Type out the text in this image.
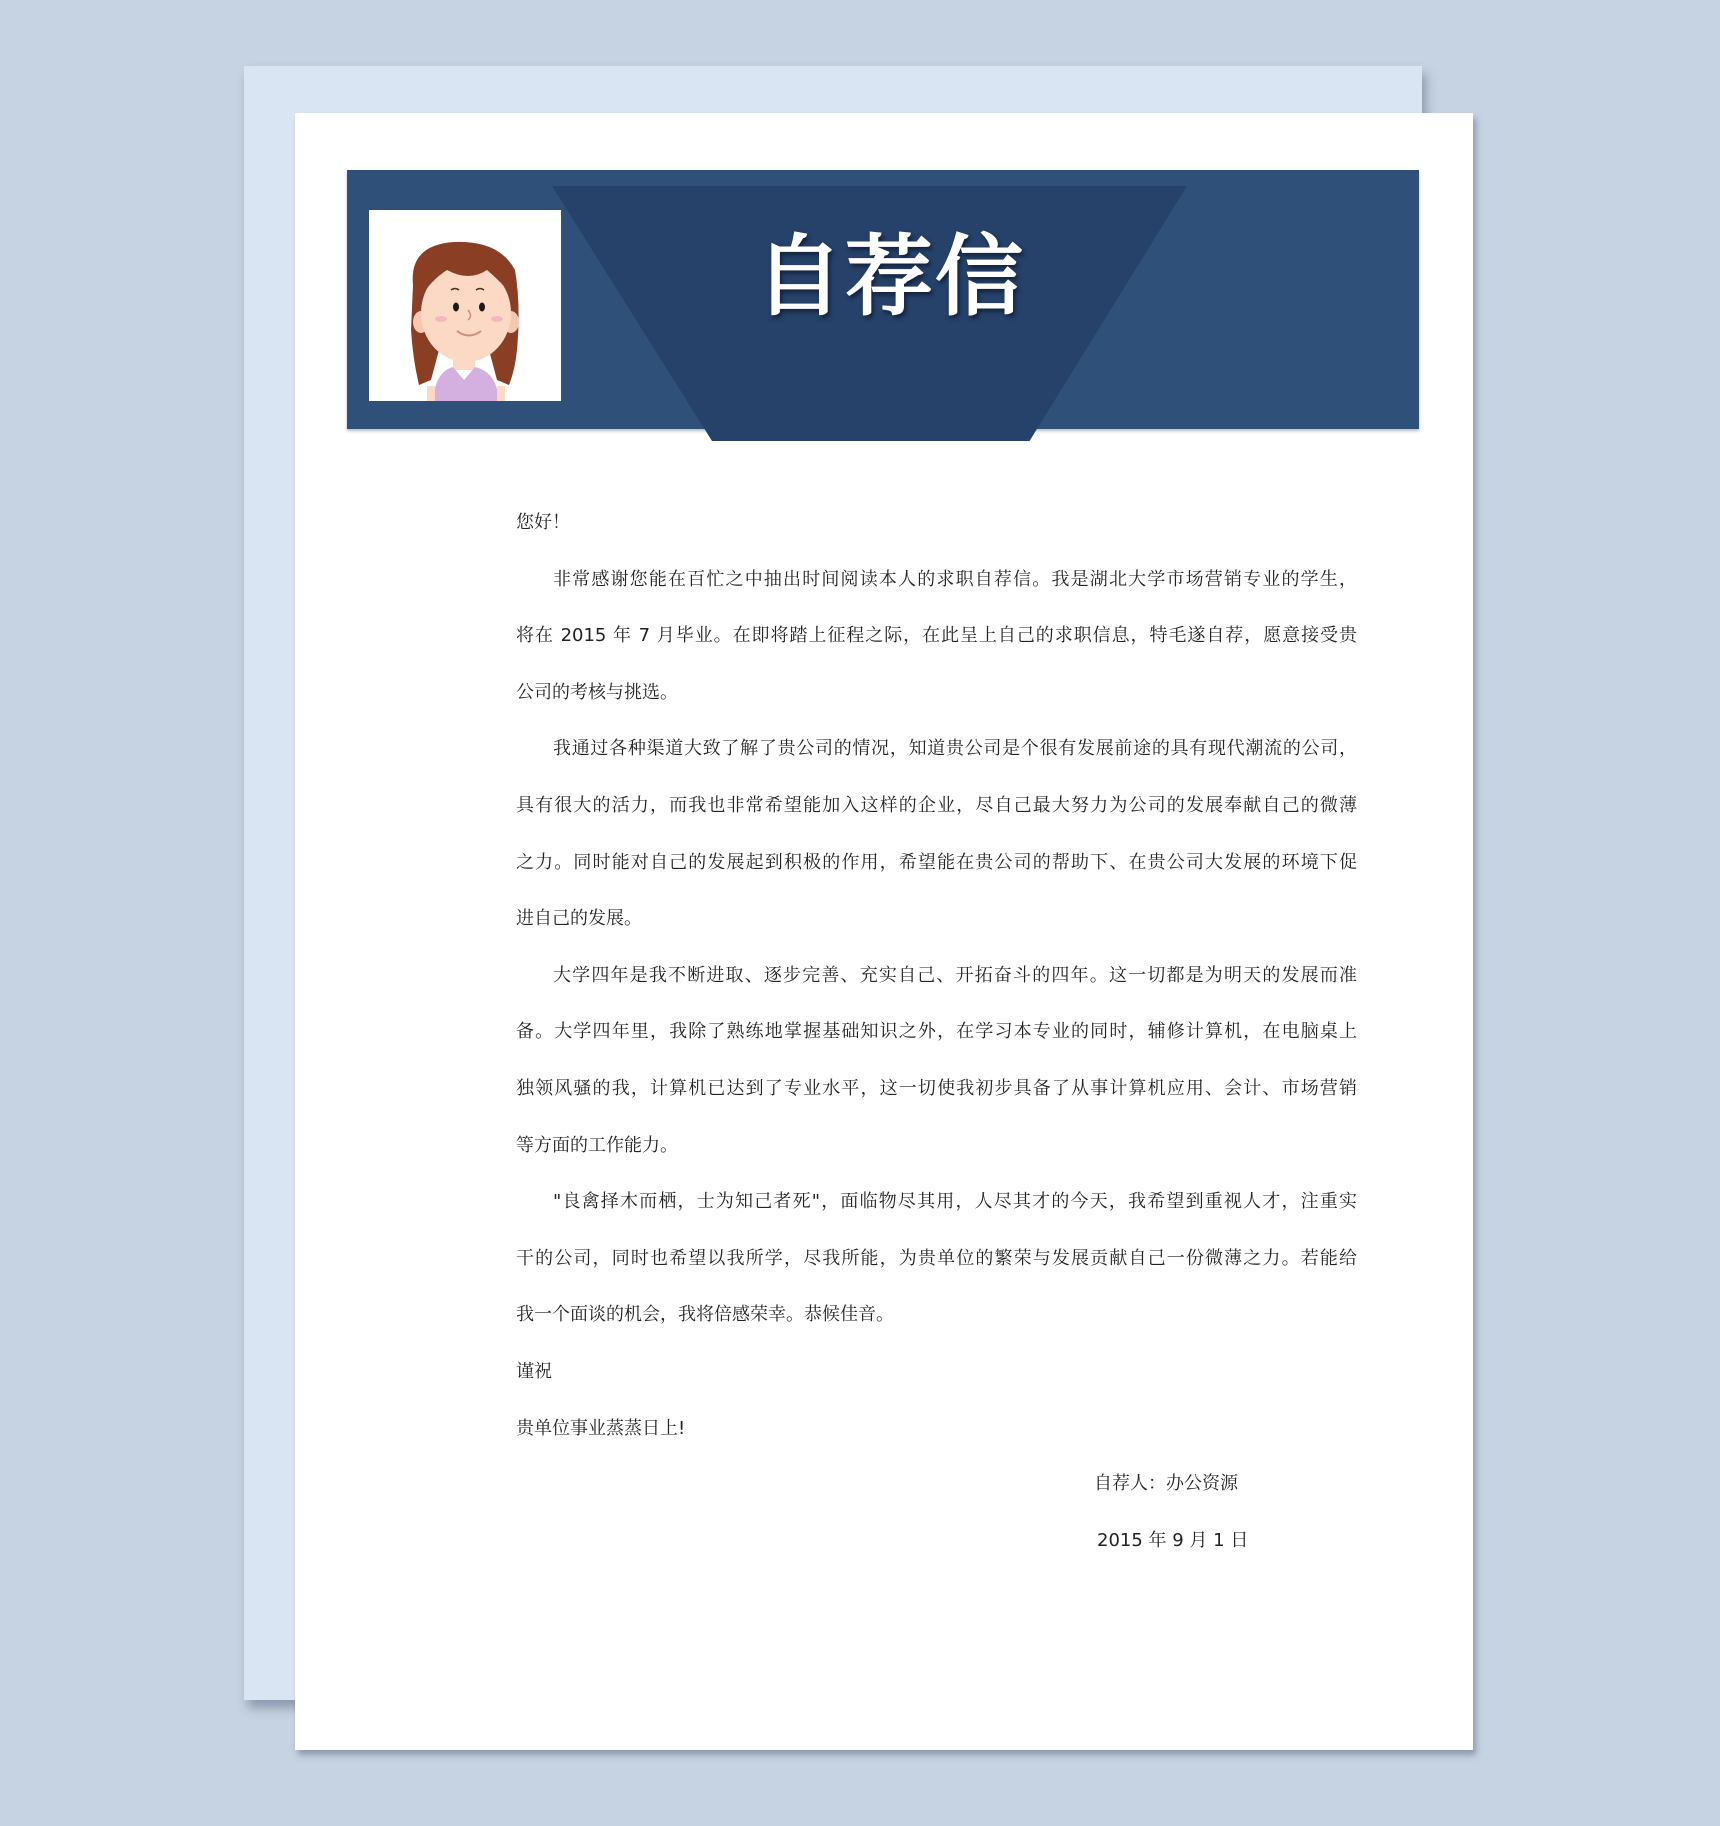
自荐信
您好！
非常感谢您能在百忙之中抽出时间阅读本人的求职自荐信。我是湖北大学市场营销专业的学生，
将在 2015 年 7 月毕业。在即将踏上征程之际，在此呈上自己的求职信息，特毛遂自荐，愿意接受贵
公司的考核与挑选。
我通过各种渠道大致了解了贵公司的情况，知道贵公司是个很有发展前途的具有现代潮流的公司，
具有很大的活力，而我也非常希望能加入这样的企业，尽自己最大努力为公司的发展奉献自己的微薄
之力。同时能对自己的发展起到积极的作用，希望能在贵公司的帮助下、在贵公司大发展的环境下促
进自己的发展。
大学四年是我不断进取、逐步完善、充实自己、开拓奋斗的四年。这一切都是为明天的发展而准
备。大学四年里，我除了熟练地掌握基础知识之外，在学习本专业的同时，辅修计算机，在电脑桌上
独领风骚的我，计算机已达到了专业水平，这一切使我初步具备了从事计算机应用、会计、市场营销
等方面的工作能力。
"良禽择木而栖，士为知己者死"，面临物尽其用，人尽其才的今天，我希望到重视人才，注重实
干的公司，同时也希望以我所学，尽我所能，为贵单位的繁荣与发展贡献自己一份微薄之力。若能给
我一个面谈的机会，我将倍感荣幸。恭候佳音。
谨祝
贵单位事业蒸蒸日上!
自荐人：办公资源
2015 年 9 月 1 日
